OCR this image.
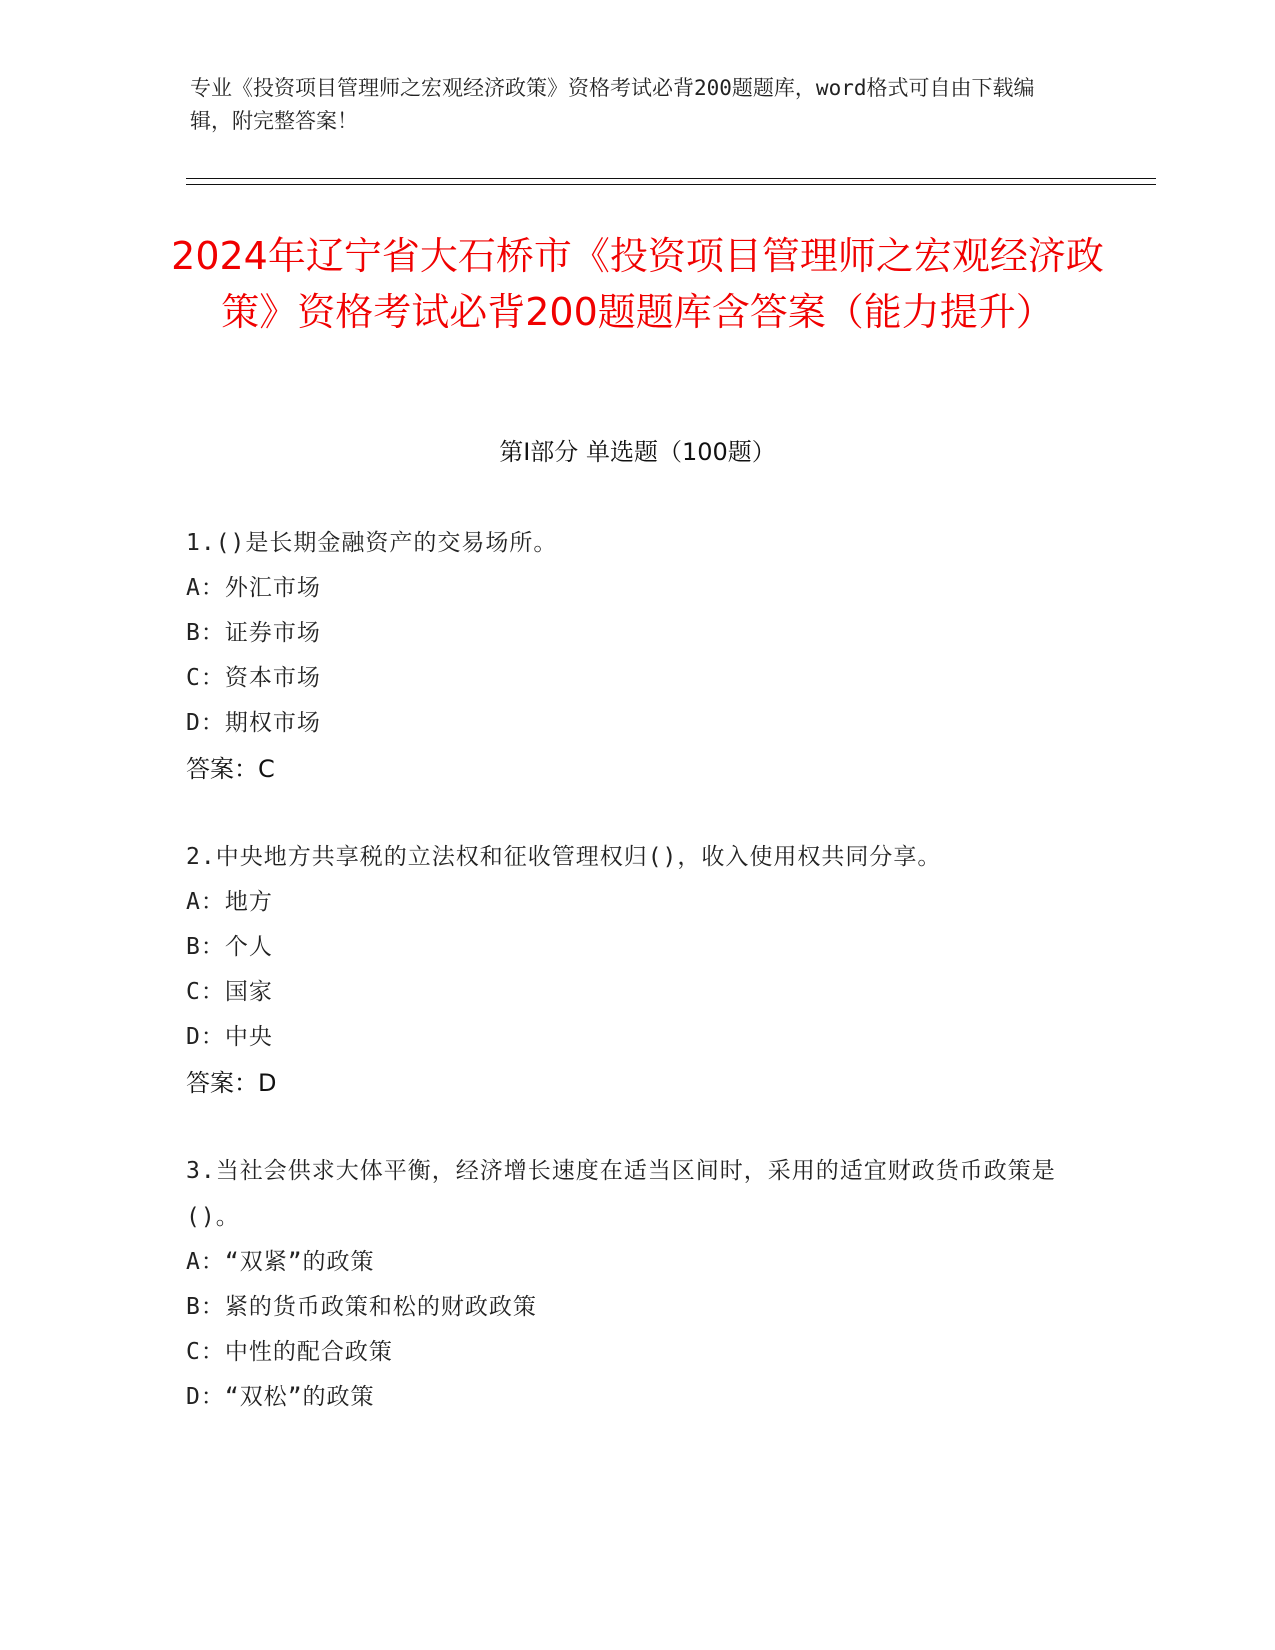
专业《投资项目管理师之宏观经济政策》资格考试必背200题题库，word格式可自由下载编辑，附完整答案！
2024年辽宁省大石桥市《投资项目管理师之宏观经济政策》资格考试必背200题题库含答案（能力提升）
第I部分 单选题（100题）
1.()是长期金融资产的交易场所。
A：外汇市场
B：证券市场
C：资本市场
D：期权市场
答案：C
2.中央地方共享税的立法权和征收管理权归()，收入使用权共同分享。
A：地方
B：个人
C：国家
D：中央
答案：D
3.当社会供求大体平衡，经济增长速度在适当区间时，采用的适宜财政货币政策是()。
A：“双紧”的政策
B：紧的货币政策和松的财政政策
C：中性的配合政策
D：“双松”的政策
